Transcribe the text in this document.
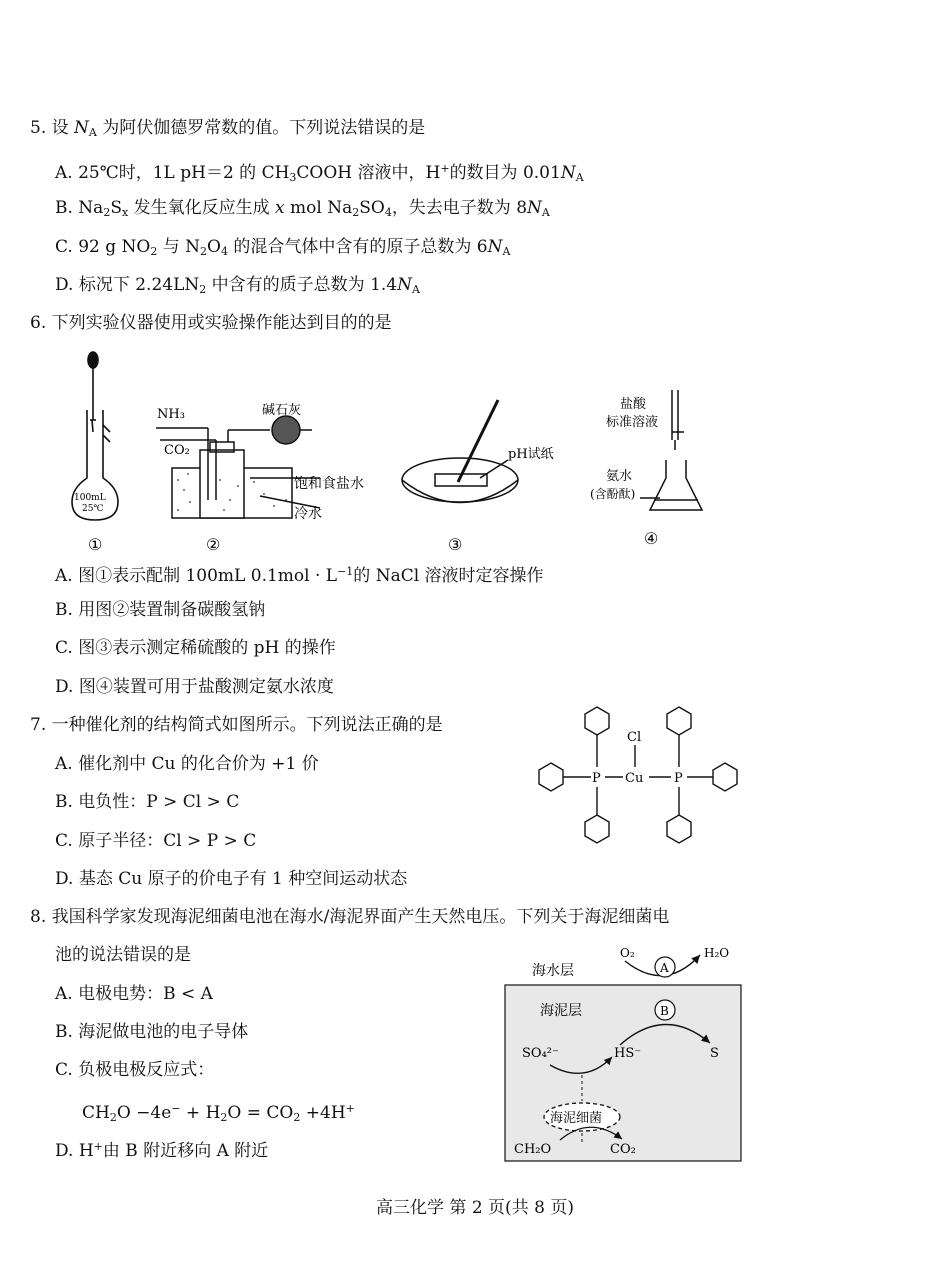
5. 设 $N_A$ 为阿伏伽德罗常数的值。下列说法错误的是
A. 25℃时，1L pH＝2 的 $CH_3COOH$ 溶液中，H+的数目为 $0.01N_A$
B. $Na_2S_x$ 发生氧化反应生成 x mol $Na_2SO_4$，失去电子数为 $8N_A$
C. 92 g $NO_2$ 与 $N_2O_4$ 的混合气体中含有的原子总数为 $6N_A$
D. 标况下 $2.24LN_2$ 中含有的质子总数为 $1.4N_A$
6. 下列实验仪器使用或实验操作能达到目的的是
100mL
25℃
①
NH₃
CO₂
碱石灰
饱和食盐水
冷水
②
pH试纸
③
盐酸
标准溶液
氨水
(含酚酞)
④
A. 图①表示配制 100mL $0.1mol \cdot L^{-1}$的 NaCl 溶液时定容操作
B. 用图②装置制备碳酸氢钠
C. 图③表示测定稀硫酸的 pH 的操作
D. 图④装置可用于盐酸测定氨水浓度
7. 一种催化剂的结构简式如图所示。下列说法正确的是
A. 催化剂中 Cu 的化合价为 +1 价
B. 电负性：P > Cl > C
C. 原子半径：Cl > P > C
D. 基态 Cu 原子的价电子有 1 种空间运动状态
Cl
Cu
P	P
8. 我国科学家发现海泥细菌电池在海水/海泥界面产生天然电压。下列关于海泥细菌电
池的说法错误的是
A. 电极电势：B < A
B. 海泥做电池的电子导体
C. 负极电极反应式：
$CH_2O -4e^- + H_2O = CO_2 +4H^+$
D. H+由 B 附近移向 A 附近
海水层
海泥层
O₂	H₂O
A
B
SO₄²⁻	HS⁻	S
海泥细菌
CH₂O	CO₂
高三化学 第 2 页(共 8 页)
